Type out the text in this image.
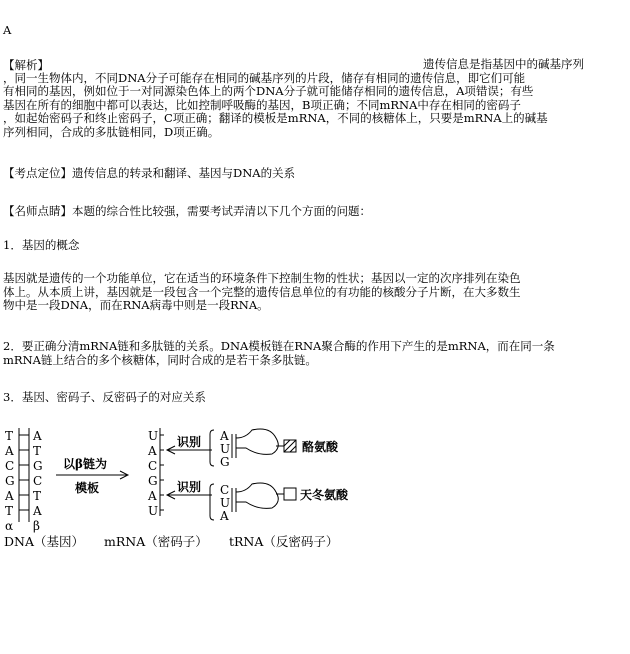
A
【解析】	遗传信息是指基因中的碱基序列
，同一生物体内，不同DNA分子可能存在相同的碱基序列的片段，储存有相同的遗传信息，即它们可能
有相同的基因，例如位于一对同源染色体上的两个DNA分子就可能储存相同的遗传信息，A项错误；有些
基因在所有的细胞中都可以表达，比如控制呼吸酶的基因，B项正确；不同mRNA中存在相同的密码子
，如起始密码子和终止密码子，C项正确；翻译的模板是mRNA，不同的核糖体上，只要是mRNA上的碱基
序列相同，合成的多肽链相同，D项正确。
【考点定位】遗传信息的转录和翻译、基因与DNA的关系
【名师点睛】本题的综合性比较强，需要考试弄清以下几个方面的问题：
1．基因的概念
基因就是遗传的一个功能单位，它在适当的环境条件下控制生物的性状；基因以一定的次序排列在染色
体上。从本质上讲，基因就是一段包含一个完整的遗传信息单位的有功能的核酸分子片断，在大多数生
物中是一段DNA，而在RNA病毒中则是一段RNA。
2．要正确分清mRNA链和多肽链的关系。DNA模板链在RNA聚合酶的作用下产生的是mRNA，而在同一条
mRNA链上结合的多个核糖体，同时合成的是若干条多肽链。
3．基因、密码子、反密码子的对应关系
T
A
C
G
A
T
α
A
T
G
C
T
A
β
以β链为
模板
U
A
C
G
A
U
识别
识别
A
U
G
C
U
A
酪氨酸
天冬氨酸
DNA（基因） mRNA（密码子） tRNA（反密码子）
